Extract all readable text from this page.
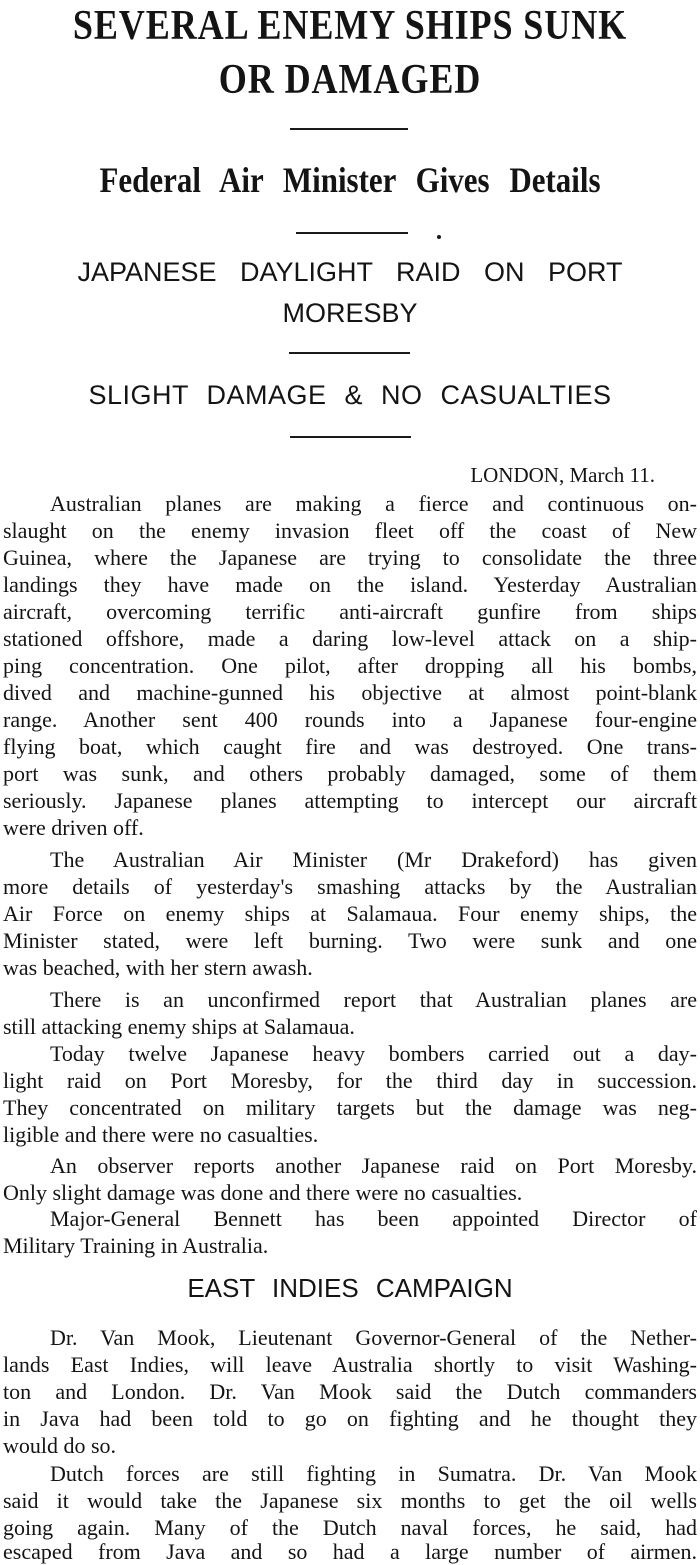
SEVERAL ENEMY SHIPS SUNK
OR DAMAGED
Federal Air Minister Gives Details
JAPANESE DAYLIGHT RAID ON PORT
MORESBY
SLIGHT DAMAGE & NO CASUALTIES
LONDON, March 11.
Australian planes are making a fierce and continuous on-
slaught on the enemy invasion fleet off the coast of New
Guinea, where the Japanese are trying to consolidate the three
landings they have made on the island. Yesterday Australian
aircraft, overcoming terrific anti-aircraft gunfire from ships
stationed offshore, made a daring low-level attack on a ship-
ping concentration. One pilot, after dropping all his bombs,
dived and machine-gunned his objective at almost point-blank
range. Another sent 400 rounds into a Japanese four-engine
flying boat, which caught fire and was destroyed. One trans-
port was sunk, and others probably damaged, some of them
seriously. Japanese planes attempting to intercept our aircraft
were driven off.
The Australian Air Minister (Mr Drakeford) has given
more details of yesterday's smashing attacks by the Australian
Air Force on enemy ships at Salamaua. Four enemy ships, the
Minister stated, were left burning. Two were sunk and one
was beached, with her stern awash.
There is an unconfirmed report that Australian planes are
still attacking enemy ships at Salamaua.
Today twelve Japanese heavy bombers carried out a day-
light raid on Port Moresby, for the third day in succession.
They concentrated on military targets but the damage was neg-
ligible and there were no casualties.
An observer reports another Japanese raid on Port Moresby.
Only slight damage was done and there were no casualties.
Major-General Bennett has been appointed Director of
Military Training in Australia.
EAST INDIES CAMPAIGN
Dr. Van Mook, Lieutenant Governor-General of the Nether-
lands East Indies, will leave Australia shortly to visit Washing-
ton and London. Dr. Van Mook said the Dutch commanders
in Java had been told to go on fighting and he thought they
would do so.
Dutch forces are still fighting in Sumatra. Dr. Van Mook
said it would take the Japanese six months to get the oil wells
going again. Many of the Dutch naval forces, he said, had
escaped from Java and so had a large number of airmen.
